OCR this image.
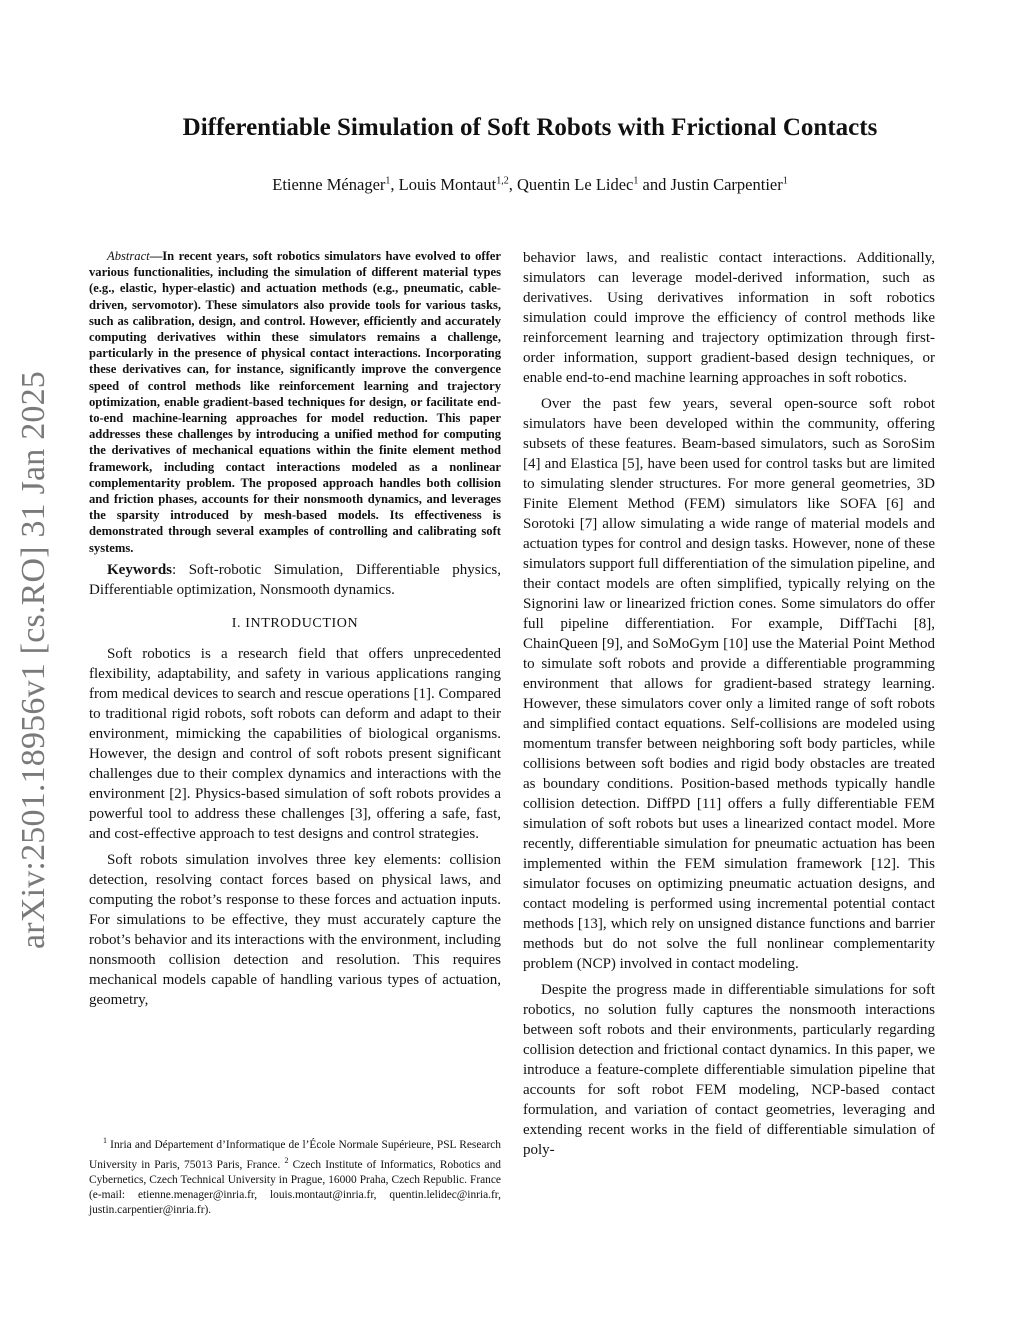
arXiv:2501.18956v1 [cs.RO] 31 Jan 2025
Differentiable Simulation of Soft Robots with Frictional Contacts
Etienne Ménager$^1$, Louis Montaut$^{1,2}$, Quentin Le Lidec$^1$ and Justin Carpentier$^1$

Abstract—In recent years, soft robotics simulators have evolved to offer various functionalities, including the simulation of different material types (e.g., elastic, hyper-elastic) and actuation methods (e.g., pneumatic, cable-driven, servomotor). These simulators also provide tools for various tasks, such as calibration, design, and control. However, efficiently and accurately computing derivatives within these simulators remains a challenge, particularly in the presence of physical contact interactions. Incorporating these derivatives can, for instance, significantly improve the convergence speed of control methods like reinforcement learning and trajectory optimization, enable gradient-based techniques for design, or facilitate end-to-end machine-learning approaches for model reduction. This paper addresses these challenges by introducing a unified method for computing the derivatives of mechanical equations within the finite element method framework, including contact interactions modeled as a nonlinear complementarity problem. The proposed approach handles both collision and friction phases, accounts for their nonsmooth dynamics, and leverages the sparsity introduced by mesh-based models. Its effectiveness is demonstrated through several examples of controlling and calibrating soft systems.

Keywords: Soft-robotic Simulation, Differentiable physics, Differentiable optimization, Nonsmooth dynamics.

I. INTRODUCTION

Soft robotics is a research field that offers unprecedented flexibility, adaptability, and safety in various applications ranging from medical devices to search and rescue operations [1]. Compared to traditional rigid robots, soft robots can deform and adapt to their environment, mimicking the capabilities of biological organisms. However, the design and control of soft robots present significant challenges due to their complex dynamics and interactions with the environment [2]. Physics-based simulation of soft robots provides a powerful tool to address these challenges [3], offering a safe, fast, and cost-effective approach to test designs and control strategies.

Soft robots simulation involves three key elements: collision detection, resolving contact forces based on physical laws, and computing the robot’s response to these forces and actuation inputs. For simulations to be effective, they must accurately capture the robot’s behavior and its interactions with the environment, including nonsmooth collision detection and resolution. This requires mechanical models capable of handling various types of actuation, geometry,

behavior laws, and realistic contact interactions. Additionally, simulators can leverage model-derived information, such as derivatives. Using derivatives information in soft robotics simulation could improve the efficiency of control methods like reinforcement learning and trajectory optimization through first-order information, support gradient-based design techniques, or enable end-to-end machine learning approaches in soft robotics.

Over the past few years, several open-source soft robot simulators have been developed within the community, offering subsets of these features. Beam-based simulators, such as SoroSim [4] and Elastica [5], have been used for control tasks but are limited to simulating slender structures. For more general geometries, 3D Finite Element Method (FEM) simulators like SOFA [6] and Sorotoki [7] allow simulating a wide range of material models and actuation types for control and design tasks. However, none of these simulators support full differentiation of the simulation pipeline, and their contact models are often simplified, typically relying on the Signorini law or linearized friction cones. Some simulators do offer full pipeline differentiation. For example, DiffTachi [8], ChainQueen [9], and SoMoGym [10] use the Material Point Method to simulate soft robots and provide a differentiable programming environment that allows for gradient-based strategy learning. However, these simulators cover only a limited range of soft robots and simplified contact equations. Self-collisions are modeled using momentum transfer between neighboring soft body particles, while collisions between soft bodies and rigid body obstacles are treated as boundary conditions. Position-based methods typically handle collision detection. DiffPD [11] offers a fully differentiable FEM simulation of soft robots but uses a linearized contact model. More recently, differentiable simulation for pneumatic actuation has been implemented within the FEM simulation framework [12]. This simulator focuses on optimizing pneumatic actuation designs, and contact modeling is performed using incremental potential contact methods [13], which rely on unsigned distance functions and barrier methods but do not solve the full nonlinear complementarity problem (NCP) involved in contact modeling.

Despite the progress made in differentiable simulations for soft robotics, no solution fully captures the nonsmooth interactions between soft robots and their environments, particularly regarding collision detection and frictional contact dynamics. In this paper, we introduce a feature-complete differentiable simulation pipeline that accounts for soft robot FEM modeling, NCP-based contact formulation, and variation of contact geometries, leveraging and extending recent works in the field of differentiable simulation of poly-

$^1$ Inria and Département d’Informatique de l’École Normale Supérieure, PSL Research University in Paris, 75013 Paris, France. $^2$ Czech Institute of Informatics, Robotics and Cybernetics, Czech Technical University in Prague, 16000 Praha, Czech Republic. France (e-mail: etienne.menager@inria.fr, louis.montaut@inria.fr, quentin.lelidec@inria.fr, justin.carpentier@inria.fr).
